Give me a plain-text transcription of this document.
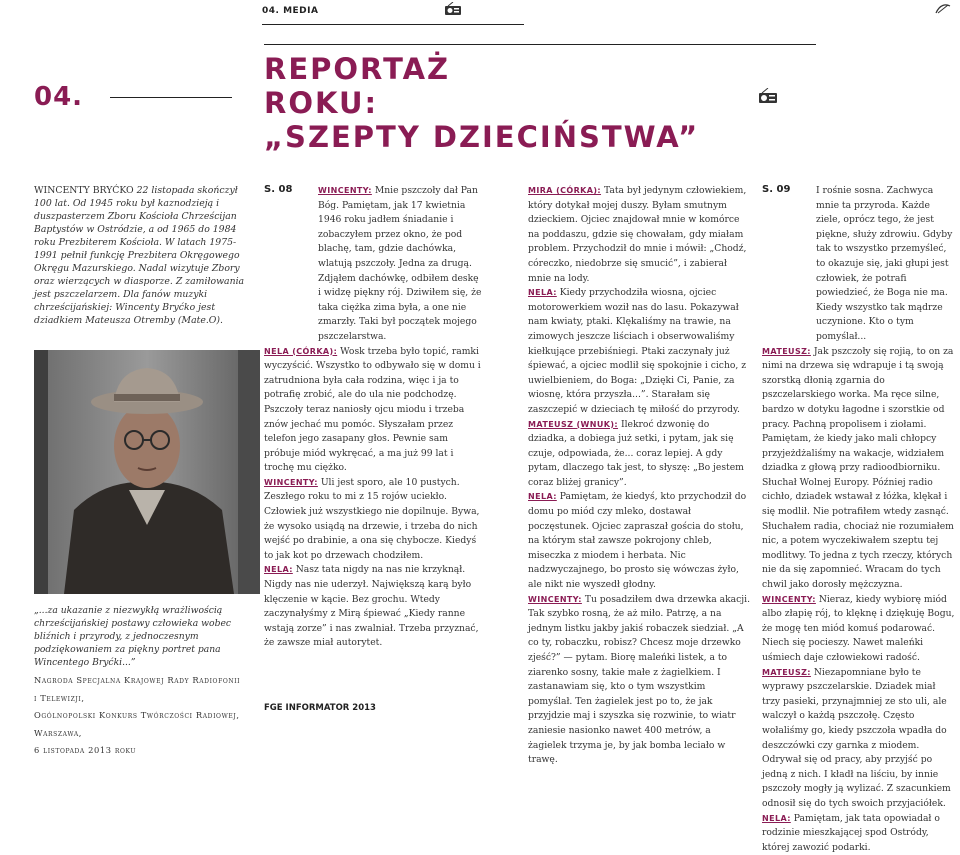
04. MEDIA
04.
REPORTAŻ
ROKU:
„SZEPTY DZIECIŃSTWA”
WINCENTY BRYĆKO 22 listopada skończył 100 lat. Od 1945 roku był kaznodzieją i duszpasterzem Zboru Kościoła Chrześcijan Baptystów w Ostródzie, a od 1965 do 1984 roku Prezbiterem Kościoła. W latach 1975-1991 pełnił funkcję Prezbitera Okręgowego Okręgu Mazurskiego. Nadal wizytuje Zbory oraz wierzących w diasporze. Z zamiłowania jest pszczelarzem. Dla fanów muzyki chrześcijańskiej: Wincenty Bryćko jest dziadkiem Mateusza Otremby (Mate.O).
„...za ukazanie z niezwykłą wrażliwością chrześcijańskiej postawy człowieka wobec bliźnich i przyrody, z jednoczesnym podziękowaniem za piękny portret pana Wincentego Bryćki...”
Nagroda Specjalna Krajowej Rady Radiofonii
i Telewizji,
Ogólnopolski Konkurs Twórczości Radiowej,
Warszawa,
6 listopada 2013 roku
S. 08	S. 09

WINCENTY: Mnie pszczoły dał Pan Bóg. Pamiętam, jak 17 kwietnia 1946 roku jadłem śniadanie i zobaczyłem przez okno, że pod blachę, tam, gdzie dachówka, wlatują pszczoły. Jedna za drugą. Zdjąłem dachówkę, odbiłem deskę i widzę piękny rój. Dziwiłem się, że taka ciężka zima była, a one nie zmarzły. Taki był początek mojego pszczelarstwa.

NELA (CÓRKA): Wosk trzeba było topić, ramki wyczyścić. Wszystko to odbywało się w domu i zatrudniona była cała rodzina, więc i ja to potrafię zrobić, ale do ula nie podchodzę. Pszczoły teraz naniosły ojcu miodu i trzeba znów jechać mu pomóc. Słyszałam przez telefon jego zasapany głos. Pewnie sam próbuje miód wykręcać, a ma już 99 lat i trochę mu ciężko.

WINCENTY: Uli jest sporo, ale 10 pustych. Zeszłego roku to mi z 15 rojów uciekło. Człowiek już wszystkiego nie dopilnuje. Bywa, że wysoko usiądą na drzewie, i trzeba do nich wejść po drabinie, a ona się chybocze. Kiedyś to jak kot po drzewach chodziłem.

NELA: Nasz tata nigdy na nas nie krzyknął. Nigdy nas nie uderzył. Największą karą było klęczenie w kącie. Bez grochu. Wtedy zaczynałyśmy z Mirą śpiewać „Kiedy ranne wstają zorze” i nas zwalniał. Trzeba przyznać, że zawsze miał autorytet.

MIRA (CÓRKA): Tata był jedynym człowiekiem, który dotykał mojej duszy. Byłam smutnym dzieckiem. Ojciec znajdował mnie w komórce na poddaszu, gdzie się chowałam, gdy miałam problem. Przychodził do mnie i mówił: „Chodź, córeczko, niedobrze się smucić”, i zabierał mnie na lody.

NELA: Kiedy przychodziła wiosna, ojciec motorowerkiem woził nas do lasu. Pokazywał nam kwiaty, ptaki. Klękaliśmy na trawie, na zimowych jeszcze liściach i obserwowaliśmy kiełkujące przebiśniegi. Ptaki zaczynały już śpiewać, a ojciec modlił się spokojnie i cicho, z uwielbieniem, do Boga: „Dzięki Ci, Panie, za wiosnę, która przyszła...”. Starałam się zaszczepić w dzieciach tę miłość do przyrody.

MATEUSZ (WNUK): Ilekroć dzwonię do dziadka, a dobiega już setki, i pytam, jak się czuje, odpowiada, że... coraz lepiej. A gdy pytam, dlaczego tak jest, to słyszę: „Bo jestem coraz bliżej granicy”.

NELA: Pamiętam, że kiedyś, kto przychodził do domu po miód czy mleko, dostawał poczęstunek. Ojciec zapraszał gościa do stołu, na którym stał zawsze pokrojony chleb, miseczka z miodem i herbata. Nic nadzwyczajnego, bo prosto się wówczas żyło, ale nikt nie wyszedł głodny.

WINCENTY: Tu posadziłem dwa drzewka akacji. Tak szybko rosną, że aż miło. Patrzę, a na jednym listku jakby jakiś robaczek siedział. „A co ty, robaczku, robisz? Chcesz moje drzewko zjeść?” — pytam. Biorę maleńki listek, a to ziarenko sosny, takie małe z żagielkiem. I zastanawiam się, kto o tym wszystkim pomyślał. Ten żagielek jest po to, że jak przyjdzie maj i szyszka się rozwinie, to wiatr zaniesie nasionko nawet 400 metrów, a żagielek trzyma je, by jak bomba leciało w trawę.

I rośnie sosna. Zachwyca mnie ta przyroda. Każde ziele, oprócz tego, że jest piękne, służy zdrowiu. Gdyby tak to wszystko przemyśleć, to okazuje się, jaki głupi jest człowiek, że potrafi powiedzieć, że Boga nie ma. Kiedy wszystko tak mądrze uczynione. Kto o tym pomyślał...

MATEUSZ: Jak pszczoły się rojią, to on za nimi na drzewa się wdrapuje i tą swoją szorstką dłonią zgarnia do pszczelarskiego worka. Ma ręce silne, bardzo w dotyku łagodne i szorstkie od pracy. Pachną propolisem i ziołami. Pamiętam, że kiedy jako mali chłopcy przyjeżdżaliśmy na wakacje, widziałem dziadka z głową przy radioodbiorniku. Słuchał Wolnej Europy. Później radio cichło, dziadek wstawał z łóżka, klękał i się modlił. Nie potrafiłem wtedy zasnąć. Słuchałem radia, chociaż nie rozumiałem nic, a potem wyczekiwałem szeptu tej modlitwy. To jedna z tych rzeczy, których nie da się zapomnieć. Wracam do tych chwil jako dorosły mężczyzna.

WINCENTY: Nieraz, kiedy wybiorę miód albo złapię rój, to klęknę i dziękuję Bogu, że mogę ten miód komuś podarować. Niech się pocieszy. Nawet maleńki uśmiech daje człowiekowi radość.

MATEUSZ: Niezapomniane było te wyprawy pszczelarskie. Dziadek miał trzy pasieki, przynajmniej ze sto uli, ale walczył o każdą pszczołę. Często wołaliśmy go, kiedy pszczoła wpadła do deszczówki czy garnka z miodem. Odrywał się od pracy, aby przyjść po jedną z nich. I kładł na liściu, by innie pszczoły mogły ją wylizać. Z szacunkiem odnosił się do tych swoich przyjaciółek.

NELA: Pamiętam, jak tata opowiadał o rodzinie mieszkającej spod Ostródy, której zawozić podarki.

FGE INFORMATOR 2013
